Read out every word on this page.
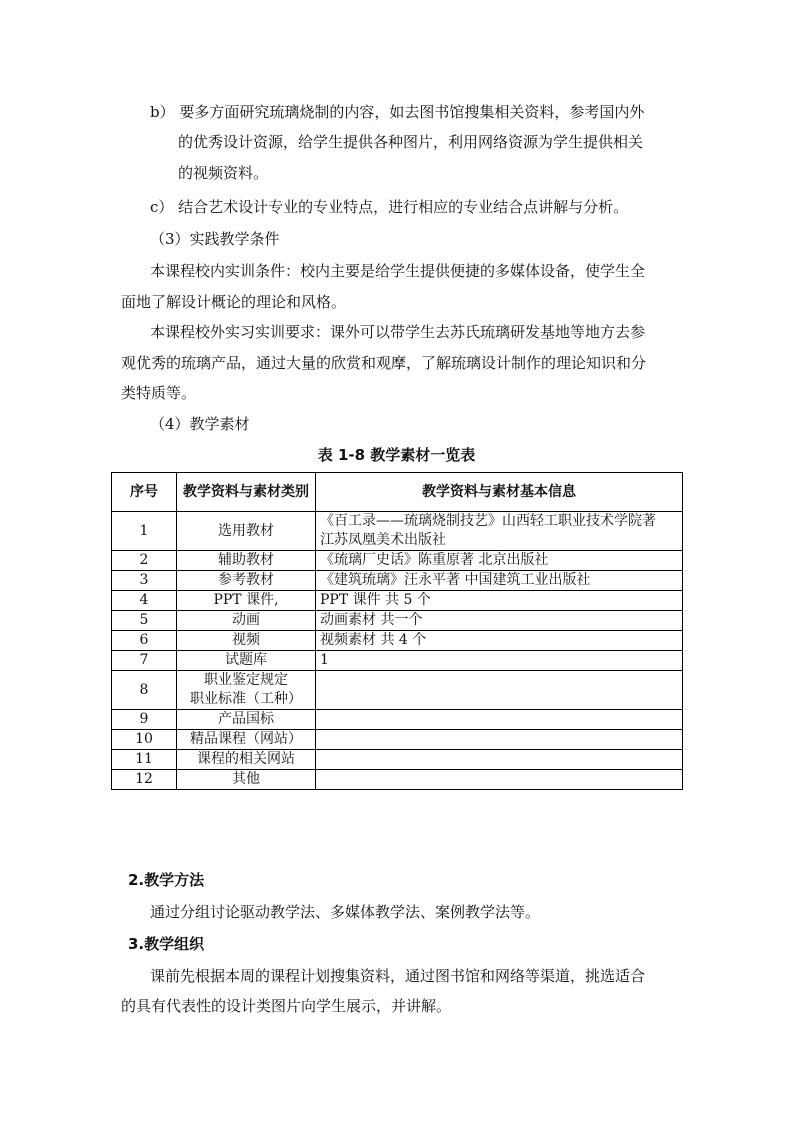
b） 要多方面研究琉璃烧制的内容，如去图书馆搜集相关资料，参考国内外
的优秀设计资源，给学生提供各种图片，利用网络资源为学生提供相关
的视频资料。
c） 结合艺术设计专业的专业特点，进行相应的专业结合点讲解与分析。
（3）实践教学条件
本课程校内实训条件：校内主要是给学生提供便捷的多媒体设备，使学生全
面地了解设计概论的理论和风格。
本课程校外实习实训要求：课外可以带学生去苏氏琉璃研发基地等地方去参
观优秀的琉璃产品，通过大量的欣赏和观摩，了解琉璃设计制作的理论知识和分
类特质等。
（4）教学素材
表 1-8 教学素材一览表
序号	教学资料与素材类别	教学资料与素材基本信息
1	选用教材	《百工录——琉璃烧制技艺》山西轻工职业技术学院著
江苏凤凰美术出版社
2	辅助教材	《琉璃厂史话》陈重原著 北京出版社
3	参考教材	《建筑琉璃》汪永平著 中国建筑工业出版社
4	PPT 课件,	PPT 课件 共 5 个
5	动画	动画素材 共一个
6	视频	视频素材 共 4 个
7	试题库	1
8	职业鉴定规定
职业标准（工种）	
9	产品国标	
10	精品课程（网站）	
11	课程的相关网站	
12	其他	
2.教学方法
通过分组讨论驱动教学法、多媒体教学法、案例教学法等。
3.教学组织
课前先根据本周的课程计划搜集资料，通过图书馆和网络等渠道，挑选适合
的具有代表性的设计类图片向学生展示，并讲解。
